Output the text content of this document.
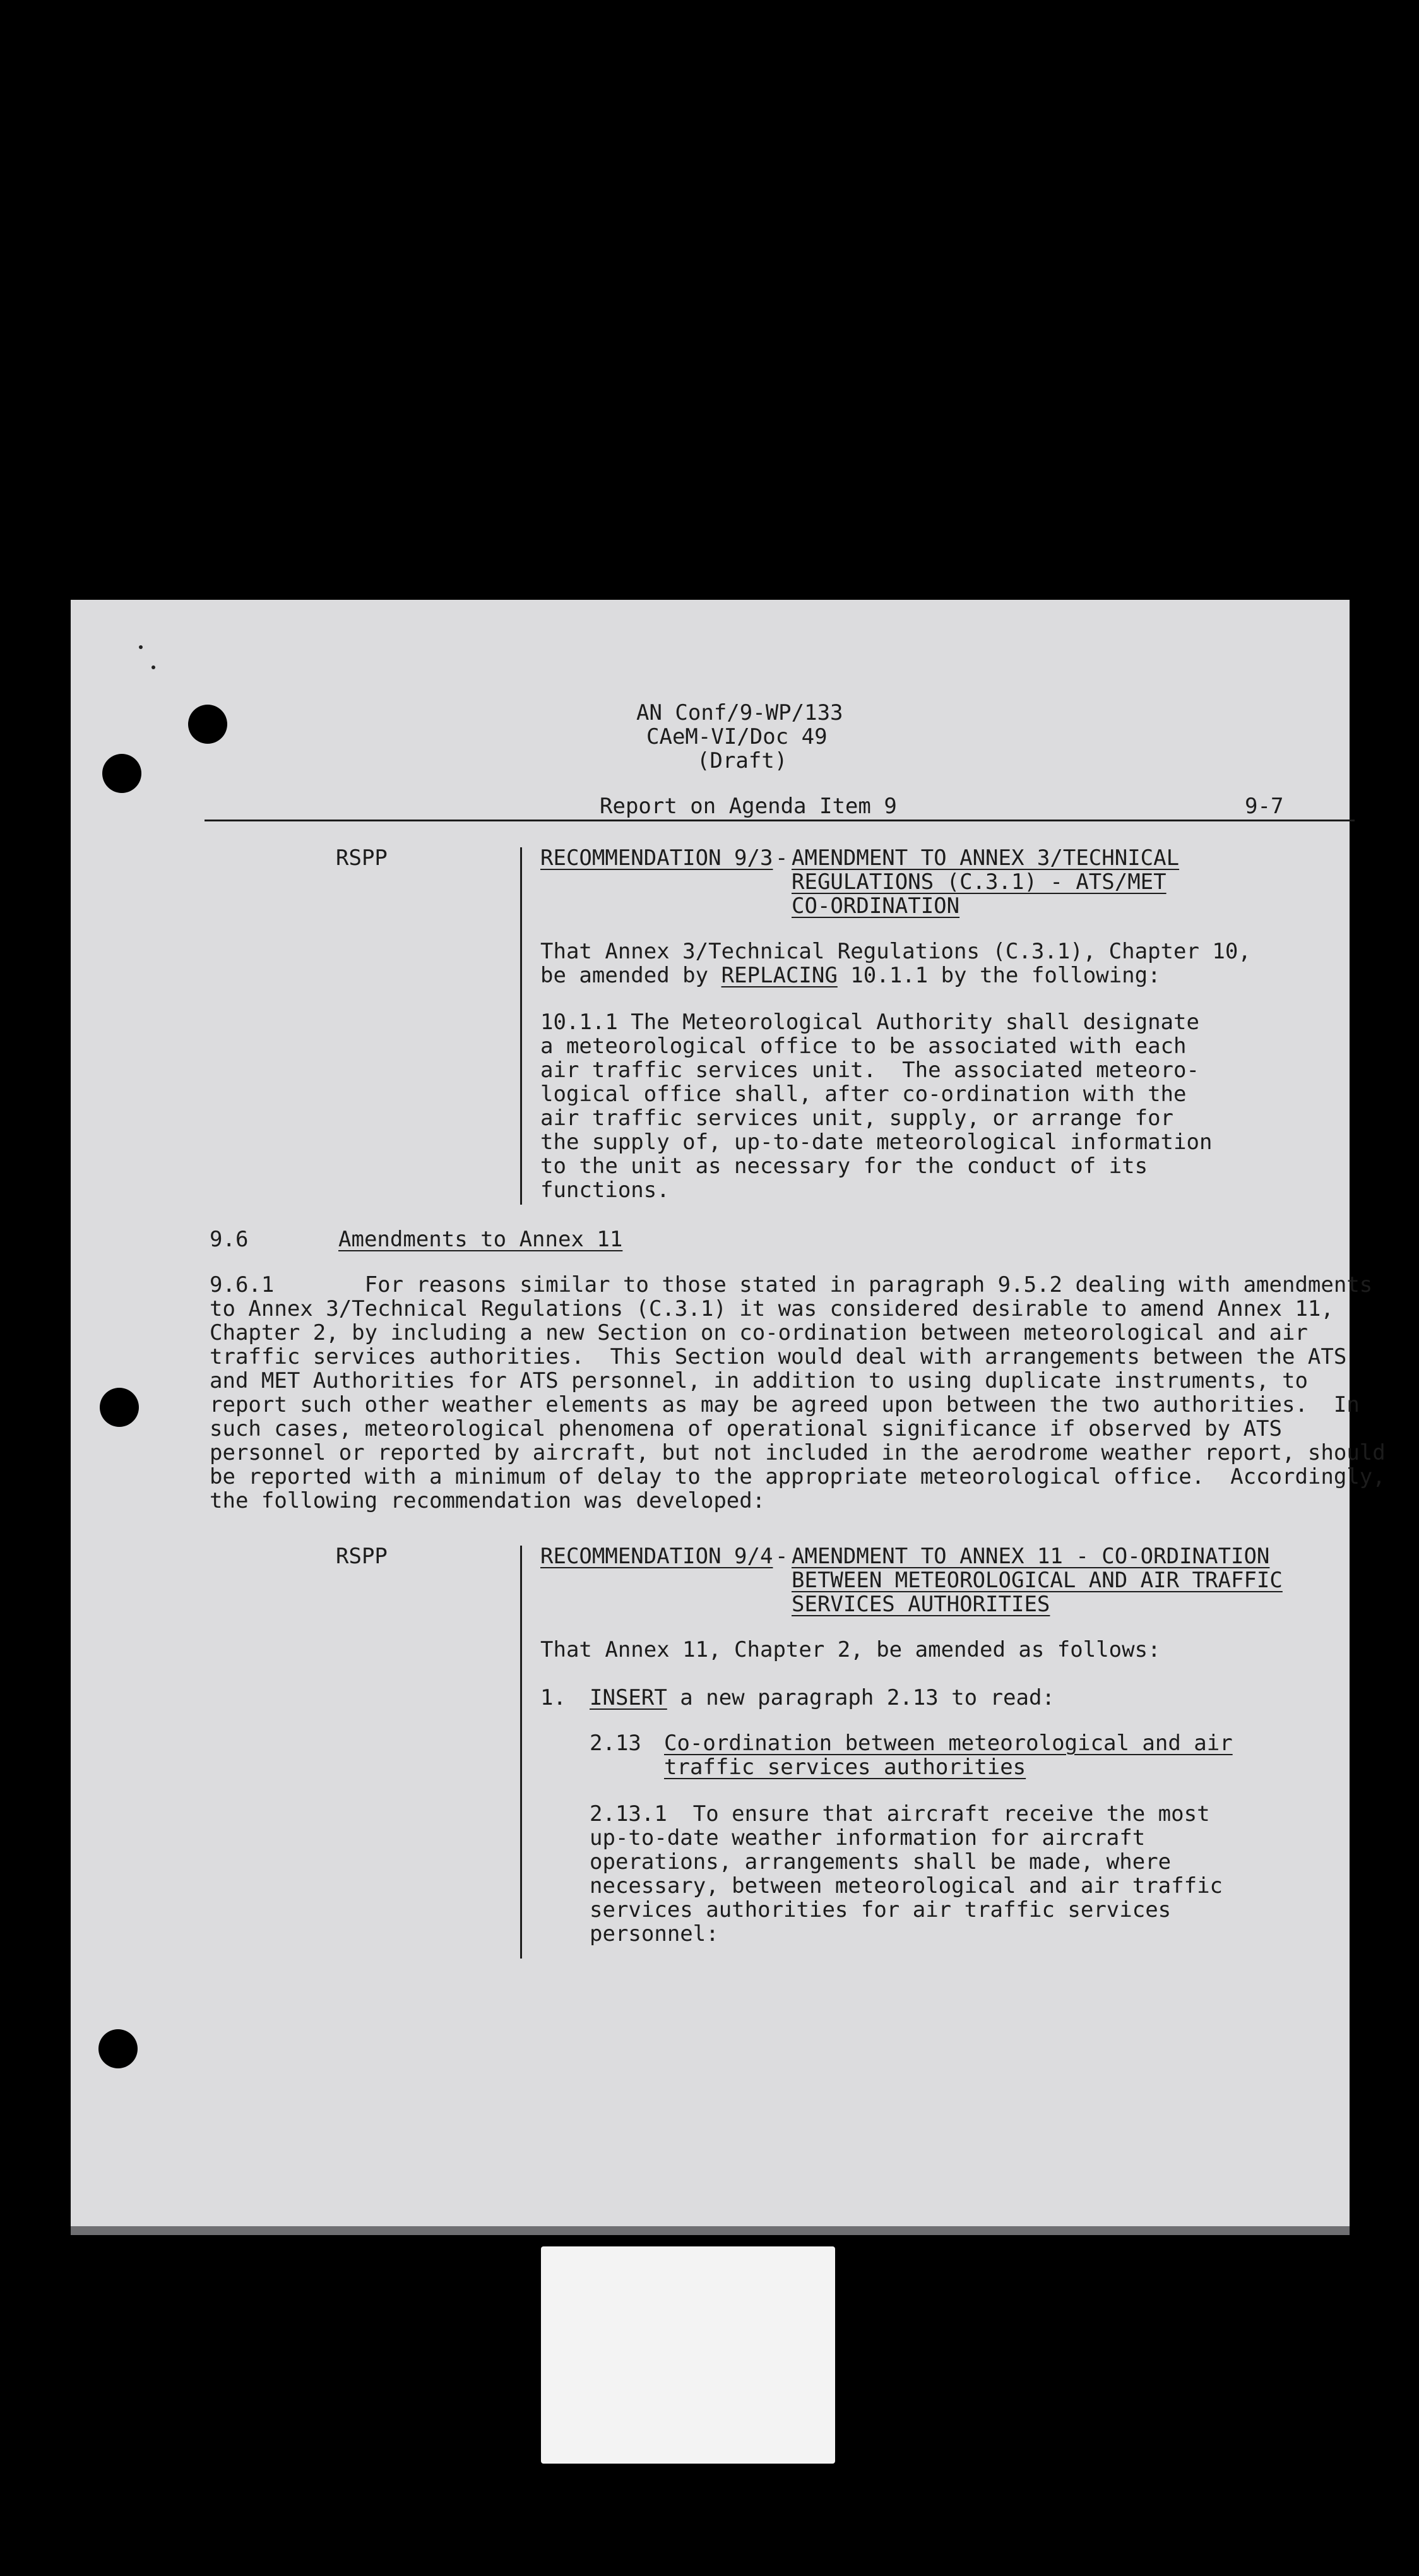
AN Conf/9-WP/133
CAeM-VI/Doc 49
(Draft)
Report on Agenda Item 9	9-7
RSPP	RECOMMENDATION 9/3 - AMENDMENT TO ANNEX 3/TECHNICAL
REGULATIONS (C.3.1) - ATS/MET
CO-ORDINATION
That Annex 3/Technical Regulations (C.3.1), Chapter 10,
be amended by REPLACING 10.1.1 by the following:
10.1.1 The Meteorological Authority shall designate
a meteorological office to be associated with each
air traffic services unit.  The associated meteoro-
logical office shall, after co-ordination with the
air traffic services unit, supply, or arrange for
the supply of, up-to-date meteorological information
to the unit as necessary for the conduct of its
functions.
9.6	Amendments to Annex 11
9.6.1       For reasons similar to those stated in paragraph 9.5.2 dealing with amendments
to Annex 3/Technical Regulations (C.3.1) it was considered desirable to amend Annex 11,
Chapter 2, by including a new Section on co-ordination between meteorological and air
traffic services authorities.  This Section would deal with arrangements between the ATS
and MET Authorities for ATS personnel, in addition to using duplicate instruments, to
report such other weather elements as may be agreed upon between the two authorities.  In
such cases, meteorological phenomena of operational significance if observed by ATS
personnel or reported by aircraft, but not included in the aerodrome weather report, should
be reported with a minimum of delay to the appropriate meteorological office.  Accordingly,
the following recommendation was developed:
RSPP	RECOMMENDATION 9/4 - AMENDMENT TO ANNEX 11 - CO-ORDINATION
BETWEEN METEOROLOGICAL AND AIR TRAFFIC
SERVICES AUTHORITIES
That Annex 11, Chapter 2, be amended as follows:
1. INSERT a new paragraph 2.13 to read:
2.13 Co-ordination between meteorological and air
traffic services authorities
2.13.1  To ensure that aircraft receive the most
up-to-date weather information for aircraft
operations, arrangements shall be made, where
necessary, between meteorological and air traffic
services authorities for air traffic services
personnel:
